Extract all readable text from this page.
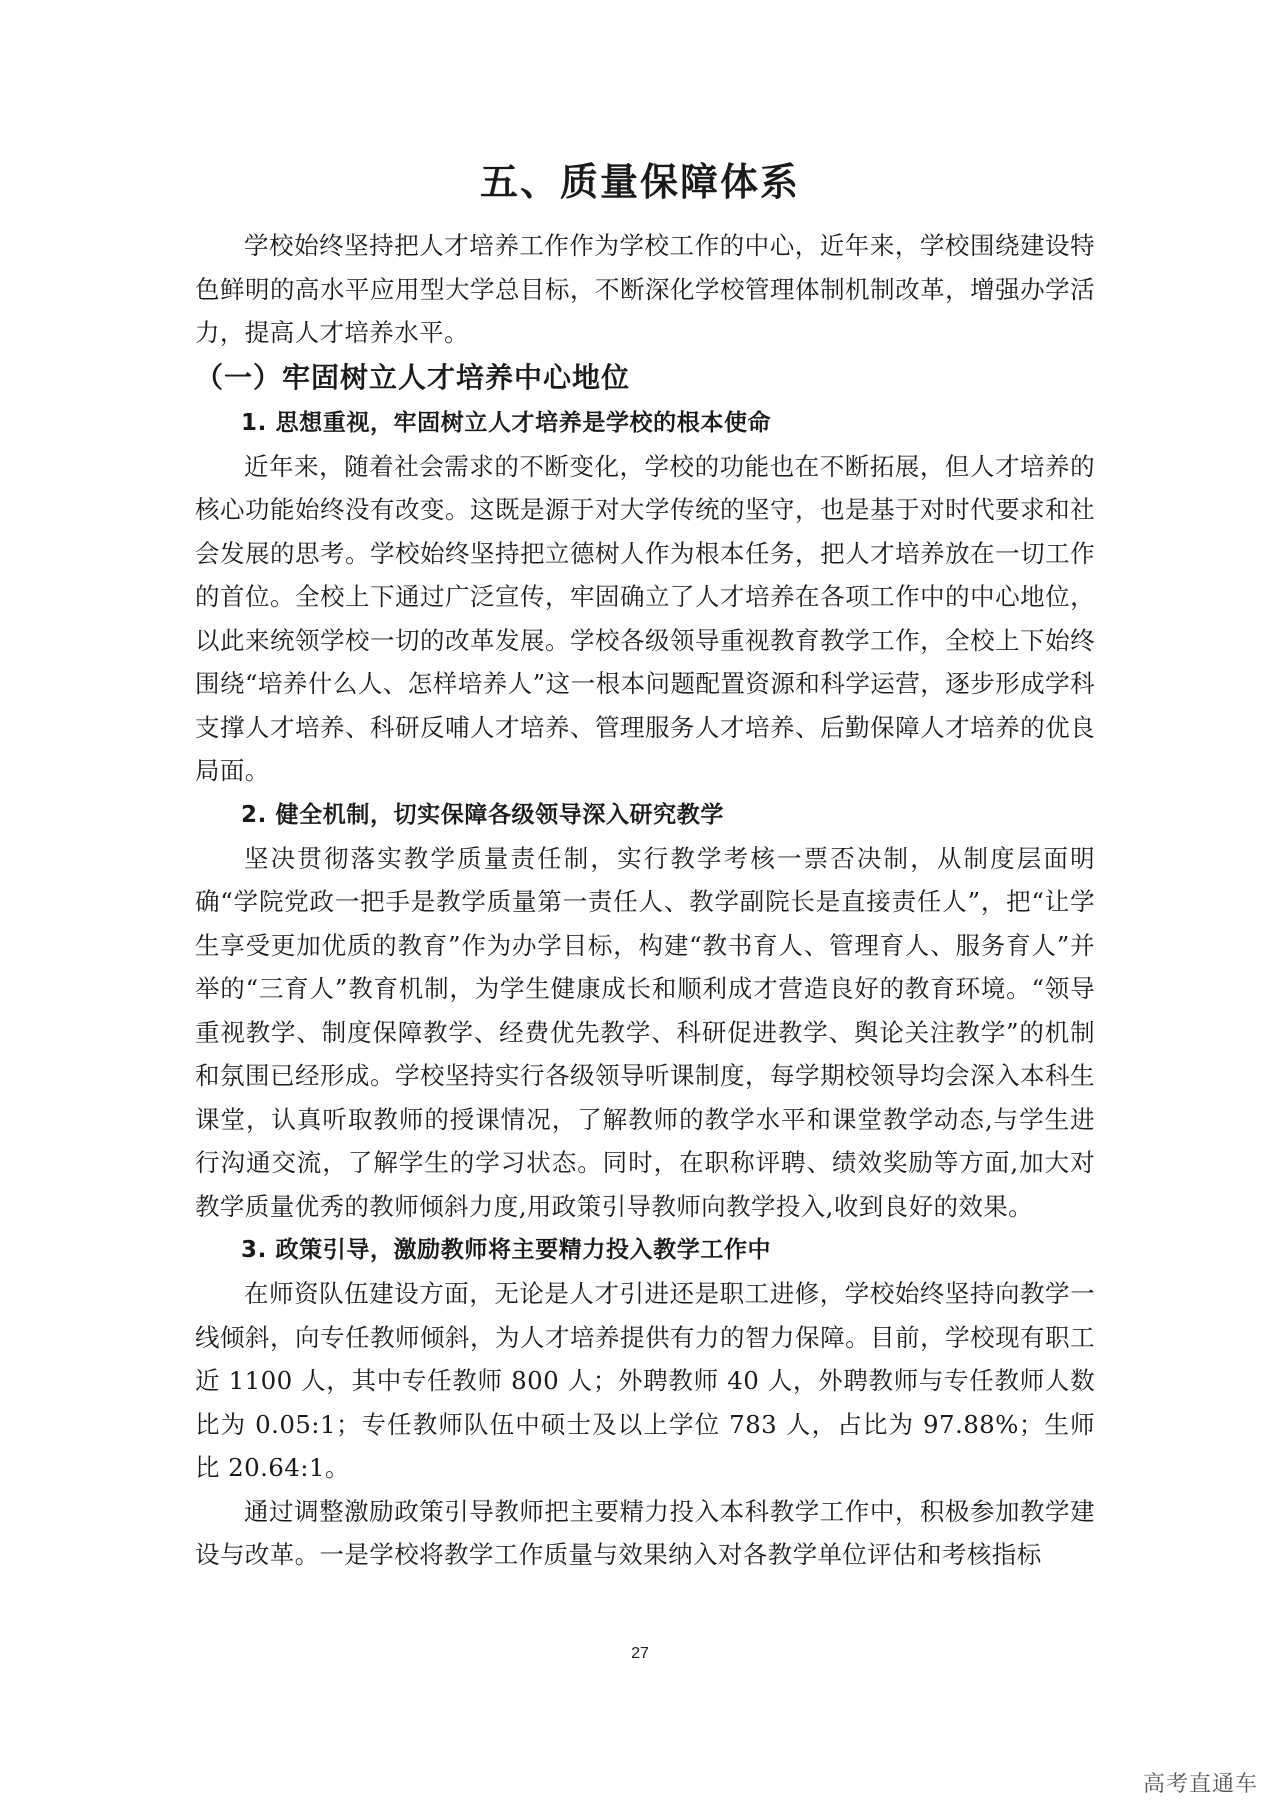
五、质量保障体系

学校始终坚持把人才培养工作作为学校工作的中心，近年来，学校围绕建设特色鲜明的高水平应用型大学总目标，不断深化学校管理体制机制改革，增强办学活力，提高人才培养水平。

（一）牢固树立人才培养中心地位
1. 思想重视，牢固树立人才培养是学校的根本使命

近年来，随着社会需求的不断变化，学校的功能也在不断拓展，但人才培养的核心功能始终没有改变。这既是源于对大学传统的坚守，也是基于对时代要求和社会发展的思考。学校始终坚持把立德树人作为根本任务，把人才培养放在一切工作的首位。全校上下通过广泛宣传，牢固确立了人才培养在各项工作中的中心地位，以此来统领学校一切的改革发展。学校各级领导重视教育教学工作，全校上下始终围绕“培养什么人、怎样培养人”这一根本问题配置资源和科学运营，逐步形成学科支撑人才培养、科研反哺人才培养、管理服务人才培养、后勤保障人才培养的优良局面。

2. 健全机制，切实保障各级领导深入研究教学

坚决贯彻落实教学质量责任制，实行教学考核一票否决制，从制度层面明确“学院党政一把手是教学质量第一责任人、教学副院长是直接责任人”，把“让学生享受更加优质的教育”作为办学目标，构建“教书育人、管理育人、服务育人”并举的“三育人”教育机制，为学生健康成长和顺利成才营造良好的教育环境。“领导重视教学、制度保障教学、经费优先教学、科研促进教学、舆论关注教学”的机制和氛围已经形成。学校坚持实行各级领导听课制度，每学期校领导均会深入本科生课堂，认真听取教师的授课情况，了解教师的教学水平和课堂教学动态,与学生进行沟通交流，了解学生的学习状态。同时，在职称评聘、绩效奖励等方面,加大对教学质量优秀的教师倾斜力度,用政策引导教师向教学投入,收到良好的效果。

3. 政策引导，激励教师将主要精力投入教学工作中

在师资队伍建设方面，无论是人才引进还是职工进修，学校始终坚持向教学一线倾斜，向专任教师倾斜，为人才培养提供有力的智力保障。目前，学校现有职工近 1100 人，其中专任教师 800 人；外聘教师 40 人，外聘教师与专任教师人数比为 0.05:1；专任教师队伍中硕士及以上学位 783 人，占比为 97.88%；生师比 20.64:1。

通过调整激励政策引导教师把主要精力投入本科教学工作中，积极参加教学建设与改革。一是学校将教学工作质量与效果纳入对各教学单位评估和考核指标

27
高考直通车
